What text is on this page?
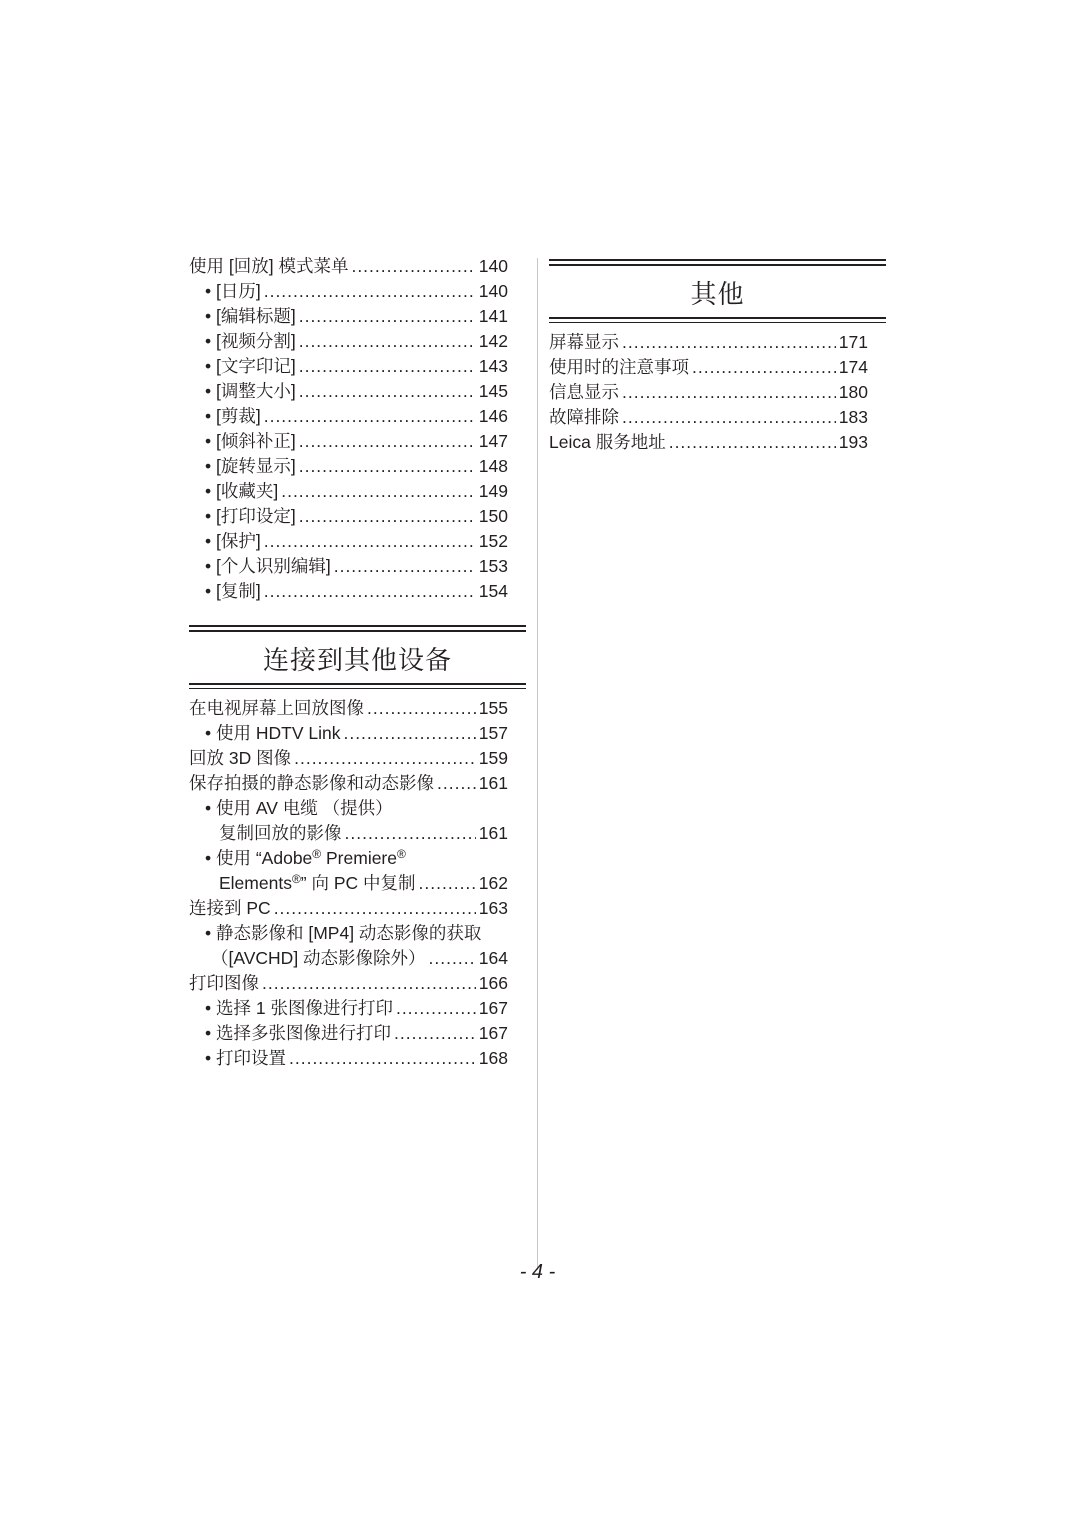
使用 [回放] 模式菜单 .....	140
• [日历] .....	140
• [编辑标题] .....	141
• [视频分割] .....	142
• [文字印记] .....	143
• [调整大小] .....	145
• [剪裁] .....	146
• [倾斜补正] .....	147
• [旋转显示] .....	148
• [收藏夹] .....	149
• [打印设定] .....	150
• [保护] .....	152
• [个人识别编辑] .....	153
• [复制] .....	154
连接到其他设备
在电视屏幕上回放图像 .....	155
• 使用 HDTV Link .....	157
回放 3D 图像 .....	159
保存拍摄的静态影像和动态影像 .....	161
• 使用 AV 电缆 （提供）
复制回放的影像 .....	161
• 使用 “Adobe® Premiere®
Elements®” 向 PC 中复制 .....	162
连接到 PC .....	163
• 静态影像和 [MP4] 动态影像的获取
（[AVCHD] 动态影像除外） .....	164
打印图像 .....	166
• 选择 1 张图像进行打印 .....	167
• 选择多张图像进行打印 .....	167
• 打印设置 .....	168
其他
屏幕显示 .....	171
使用时的注意事项 .....	174
信息显示 .....	180
故障排除 .....	183
Leica 服务地址 .....	193
- 4 -
